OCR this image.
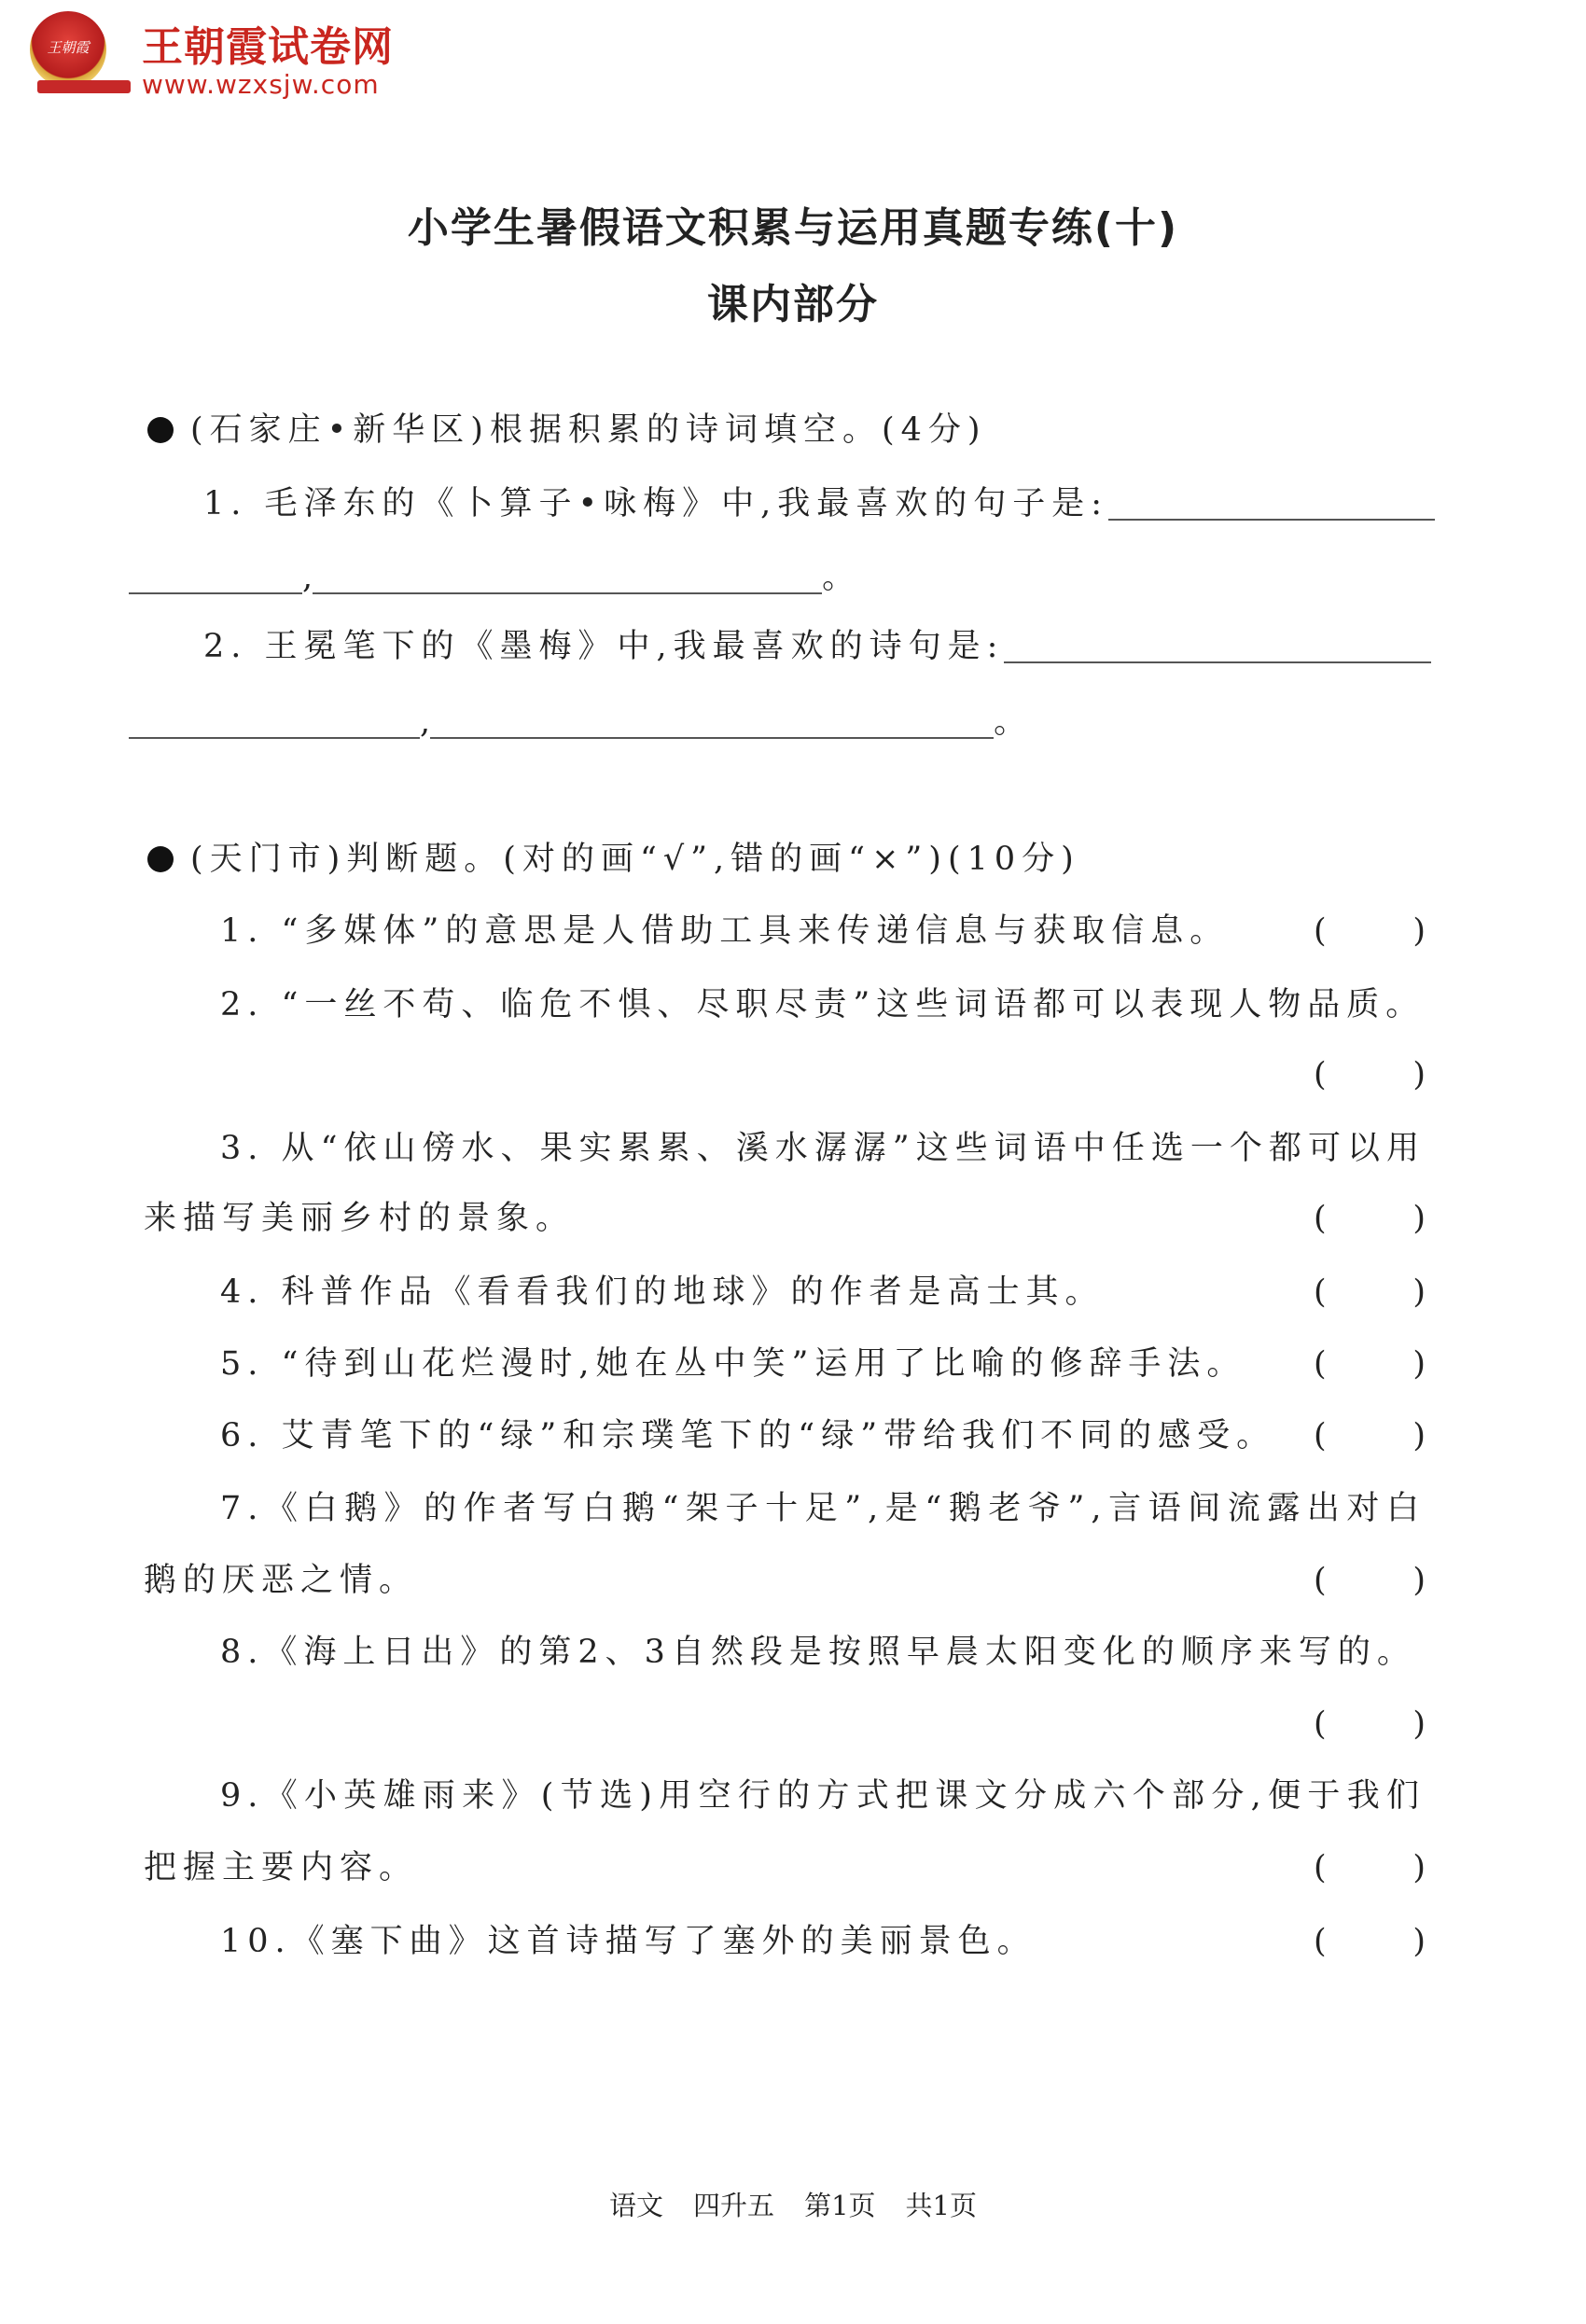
王朝霞 王朝霞试卷网
www.wzxsjw.com
小学生暑假语文积累与运用真题专练(十)
课内部分
(石家庄•新华区)根据积累的诗词填空。(4分)
1. 毛泽东的《卜算子•咏梅》中,我最喜欢的句子是:
,	。
2. 王冕笔下的《墨梅》中,我最喜欢的诗句是:
,	。
(天门市)判断题。(对的画“√”,错的画“×”)(10分)
1. “多媒体”的意思是人借助工具来传递信息与获取信息。	(	)
2. “一丝不苟、临危不惧、尽职尽责”这些词语都可以表现人物品质。
(	)
3. 从“依山傍水、果实累累、溪水潺潺”这些词语中任选一个都可以用
来描写美丽乡村的景象。	(	)
4. 科普作品《看看我们的地球》的作者是高士其。	(	)
5. “待到山花烂漫时,她在丛中笑”运用了比喻的修辞手法。 (	)
6. 艾青笔下的“绿”和宗璞笔下的“绿”带给我们不同的感受。 (	)
7.《白鹅》的作者写白鹅“架子十足”,是“鹅老爷”,言语间流露出对白
鹅的厌恶之情。	(	)
8.《海上日出》的第2、3自然段是按照早晨太阳变化的顺序来写的。
(	)
9.《小英雄雨来》(节选)用空行的方式把课文分成六个部分,便于我们
把握主要内容。	(	)
10.《塞下曲》这首诗描写了塞外的美丽景色。	(	)
语文 四升五 第1页 共1页
